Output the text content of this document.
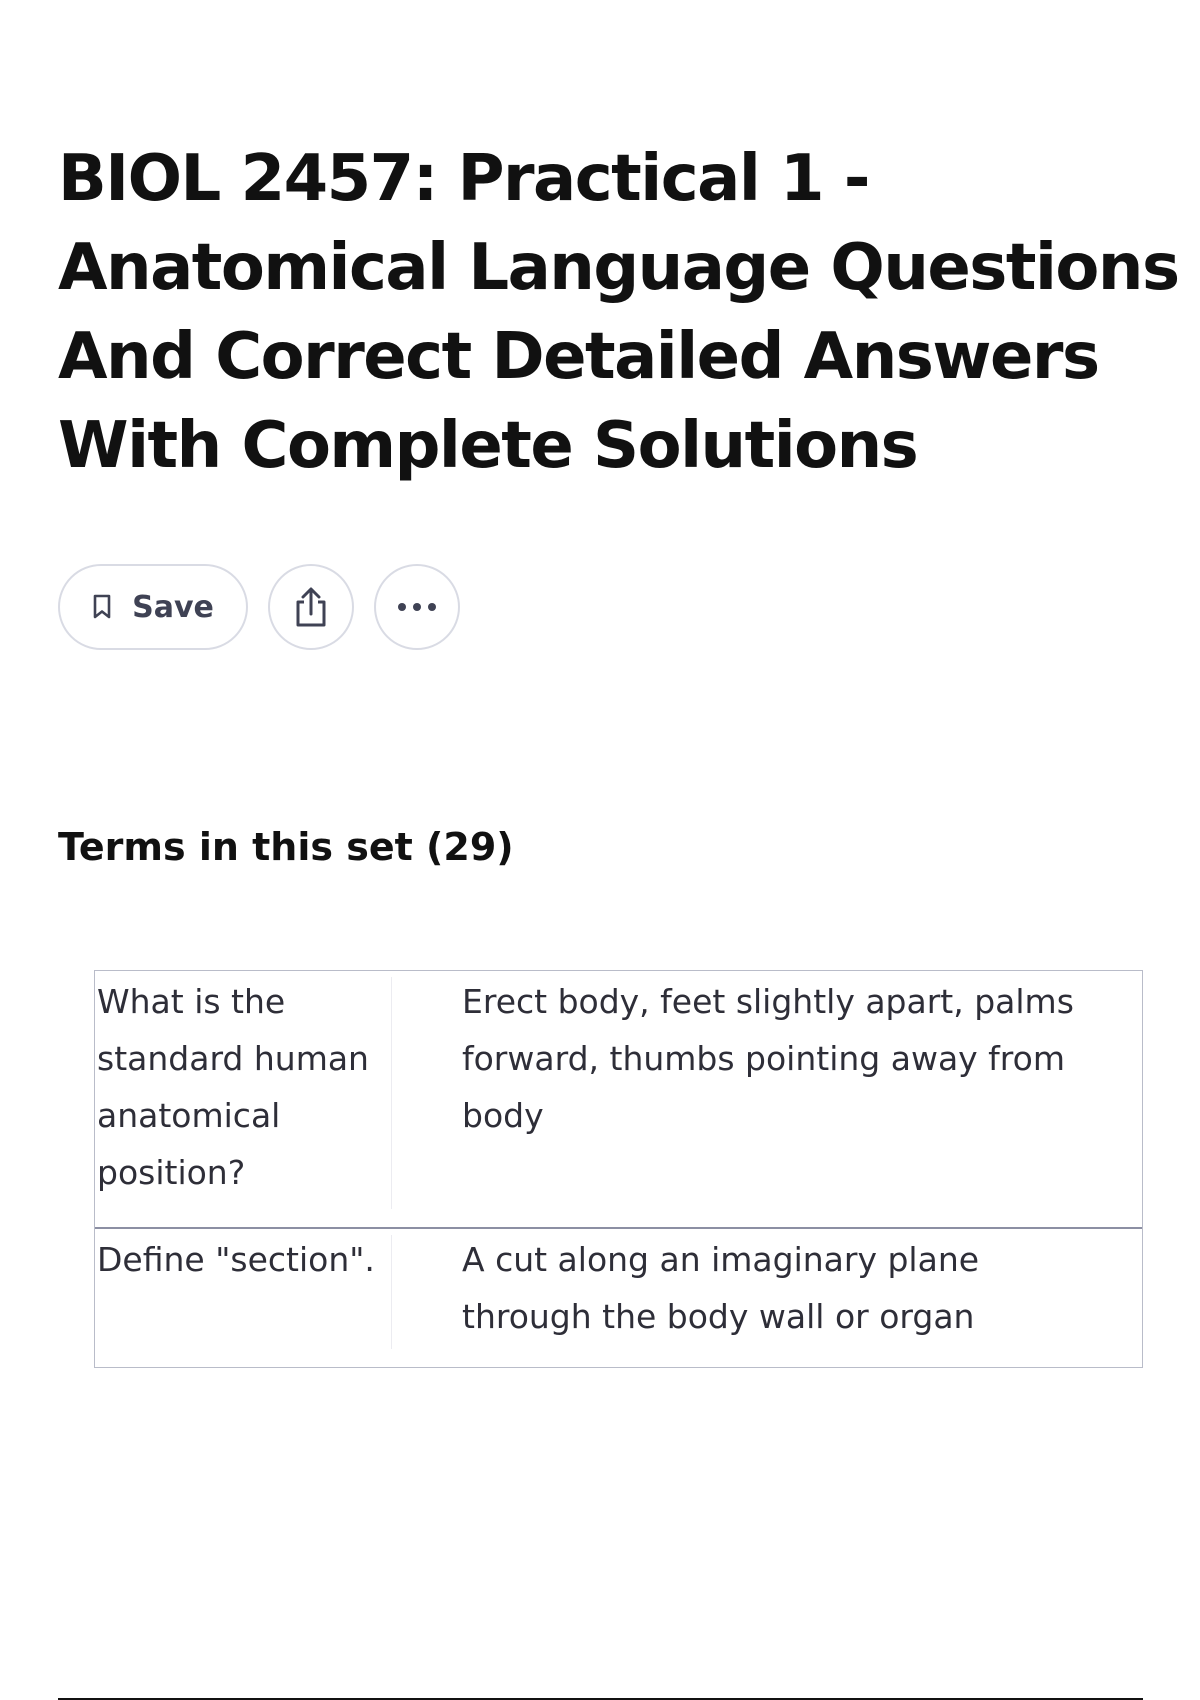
BIOL 2457: Practical 1 -
Anatomical Language Questions
And Correct Detailed Answers
With Complete Solutions
Save
Terms in this set (29)
What is the standard human anatomical position?
Erect body, feet slightly apart, palms forward, thumbs pointing away from body
Define "section".	A cut along an imaginary plane through the body wall or organ
